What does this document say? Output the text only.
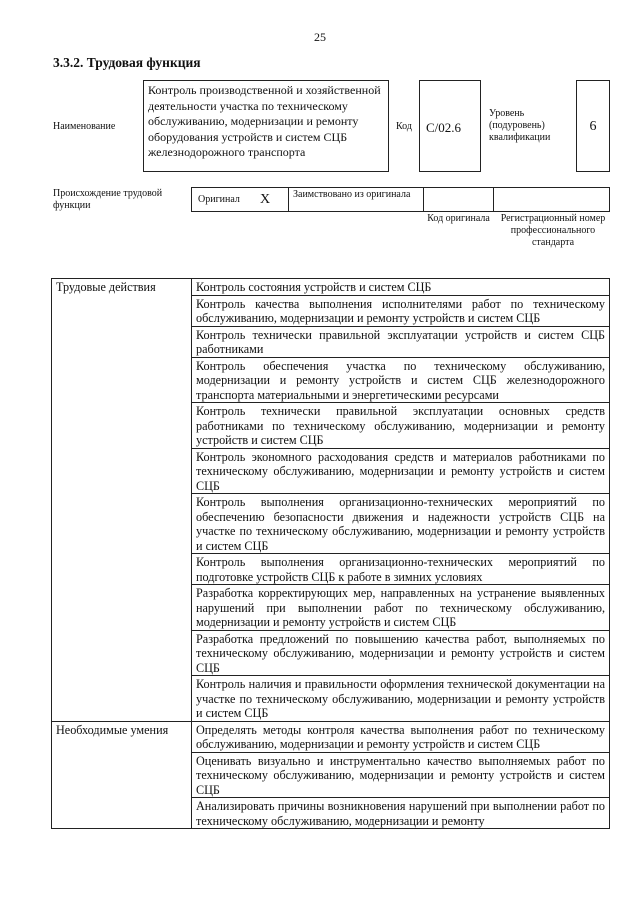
25
3.3.2. Трудовая функция
Наименование
Контроль производственной и хозяйственной деятельности участка по техническому обслуживанию, модернизации и ремонту оборудования устройств и систем СЦБ железнодорожного транспорта
Код	C/02.6
Уровень (подуровень) квалификации
6
Происхождение трудовой функции
Оригинал X	Заимствовано из оригинала
Код оригинала	Регистрационный номер профессионального стандарта
Трудовые действия	Контроль состояния устройств и систем СЦБ
	Контроль качества выполнения исполнителями работ по техническому обслуживанию, модернизации и ремонту устройств и систем СЦБ
	Контроль технически правильной эксплуатации устройств и систем СЦБ работниками
	Контроль обеспечения участка по техническому обслуживанию, модернизации и ремонту устройств и систем СЦБ железнодорожного транспорта материальными и энергетическими ресурсами
	Контроль технически правильной эксплуатации основных средств работниками по техническому обслуживанию, модернизации и ремонту устройств и систем СЦБ
	Контроль экономного расходования средств и материалов работниками по техническому обслуживанию, модернизации и ремонту устройств и систем СЦБ
	Контроль выполнения организационно-технических мероприятий по обеспечению безопасности движения и надежности устройств СЦБ на участке по техническому обслуживанию, модернизации и ремонту устройств и систем СЦБ
	Контроль выполнения организационно-технических мероприятий по подготовке устройств СЦБ к работе в зимних условиях
	Разработка корректирующих мер, направленных на устранение выявленных нарушений при выполнении работ по техническому обслуживанию, модернизации и ремонту устройств и систем СЦБ
	Разработка предложений по повышению качества работ, выполняемых по техническому обслуживанию, модернизации и ремонту устройств и систем СЦБ
	Контроль наличия и правильности оформления технической документации на участке по техническому обслуживанию, модернизации и ремонту устройств и систем СЦБ
Необходимые умения	Определять методы контроля качества выполнения работ по техническому обслуживанию, модернизации и ремонту устройств и систем СЦБ
	Оценивать визуально и инструментально качество выполняемых работ по техническому обслуживанию, модернизации и ремонту устройств и систем СЦБ
	Анализировать причины возникновения нарушений при выполнении работ по техническому обслуживанию, модернизации и ремонту
